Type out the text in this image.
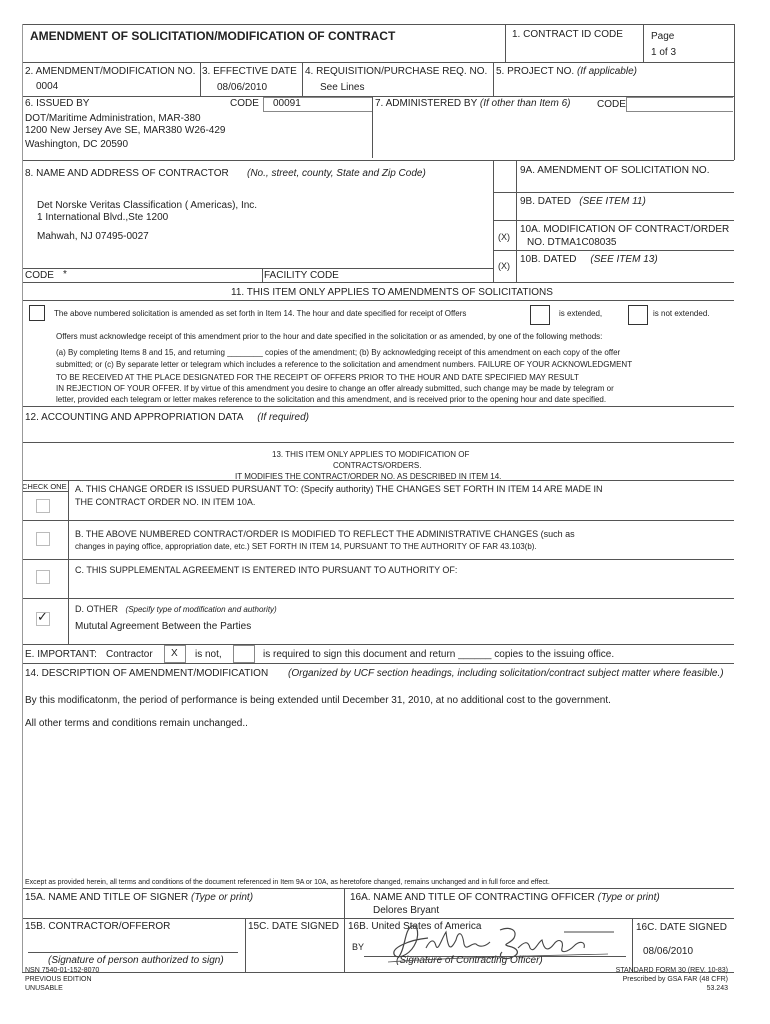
AMENDMENT OF SOLICITATION/MODIFICATION OF CONTRACT	1. CONTRACT ID CODE	Page
1 of 3
2. AMENDMENT/MODIFICATION NO.
0004
3. EFFECTIVE DATE
08/06/2010
4. REQUISITION/PURCHASE REQ. NO.
See Lines
5. PROJECT NO. (If applicable)
6. ISSUED BY	CODE 00091
DOT/Maritime Administration, MAR-380
1200 New Jersey Ave SE, MAR380 W26-429
Washington, DC 20590
7. ADMINISTERED BY (If other than Item 6)	CODE
8. NAME AND ADDRESS OF CONTRACTOR (No., street, county, State and Zip Code)
Det Norske Veritas Classification ( Americas), Inc.
1 International Blvd.,Ste 1200
Mahwah, NJ 07495-0027
CODE *	FACILITY CODE
9A. AMENDMENT OF SOLICITATION NO.
9B. DATED (SEE ITEM 11)
(X)
10A. MODIFICATION OF CONTRACT/ORDER
NO. DTMA1C08035
(X)
10B. DATED (SEE ITEM 13)
11. THIS ITEM ONLY APPLIES TO AMENDMENTS OF SOLICITATIONS
The above numbered solicitation is amended as set forth in Item 14. The hour and date specified for receipt of Offers	is extended,	is not extended.
Offers must acknowledge receipt of this amendment prior to the hour and date specified in the solicitation or as amended, by one of the following methods:
(a) By completing Items 8 and 15, and returning ________ copies of the amendment; (b) By acknowledging receipt of this amendment on each copy of the offer
submitted; or (c) By separate letter or telegram which includes a reference to the solicitation and amendment numbers. FAILURE OF YOUR ACKNOWLEDGMENT
TO BE RECEIVED AT THE PLACE DESIGNATED FOR THE RECEIPT OF OFFERS PRIOR TO THE HOUR AND DATE SPECIFIED MAY RESULT
IN REJECTION OF YOUR OFFER. If by virtue of this amendment you desire to change an offer already submitted, such change may be made by telegram or
letter, provided each telegram or letter makes reference to the solicitation and this amendment, and is received prior to the opening hour and date specified.
12. ACCOUNTING AND APPROPRIATION DATA (If required)
13. THIS ITEM ONLY APPLIES TO MODIFICATION OF
CONTRACTS/ORDERS.
IT MODIFIES THE CONTRACT/ORDER NO. AS DESCRIBED IN ITEM 14.
CHECK ONE A. THIS CHANGE ORDER IS ISSUED PURSUANT TO: (Specify authority) THE CHANGES SET FORTH IN ITEM 14 ARE MADE IN
THE CONTRACT ORDER NO. IN ITEM 10A.
B. THE ABOVE NUMBERED CONTRACT/ORDER IS MODIFIED TO REFLECT THE ADMINISTRATIVE CHANGES (such as
changes in paying office, appropriation date, etc.) SET FORTH IN ITEM 14, PURSUANT TO THE AUTHORITY OF FAR 43.103(b).
C. THIS SUPPLEMENTAL AGREEMENT IS ENTERED INTO PURSUANT TO AUTHORITY OF:
✓	D. OTHER (Specify type of modification and authority)
Mututal Agreement Between the Parties
E. IMPORTANT: Contractor X is not,	is required to sign this document and return ______ copies to the issuing office.
14. DESCRIPTION OF AMENDMENT/MODIFICATION (Organized by UCF section headings, including solicitation/contract subject matter where feasible.)
By this modificatonm, the period of performance is being extended until December 31, 2010, at no additional cost to the government.
All other terms and conditions remain unchanged..
Except as provided herein, all terms and conditions of the document referenced in Item 9A or 10A, as heretofore changed, remains unchanged and in full force and effect.
15A. NAME AND TITLE OF SIGNER (Type or print)	16A. NAME AND TITLE OF CONTRACTING OFFICER (Type or print)
Delores Bryant
15B. CONTRACTOR/OFFEROR	15C. DATE SIGNED 16B. United States of America	16C. DATE SIGNED
08/06/2010
BY
(Signature of person authorized to sign)	(Signature of Contracting Officer)
NSN 7540-01-152-8070
PREVIOUS EDITION
UNUSABLE
STANDARD FORM 30 (REV. 10-83)
Prescribed by GSA FAR (48 CFR)
53.243
